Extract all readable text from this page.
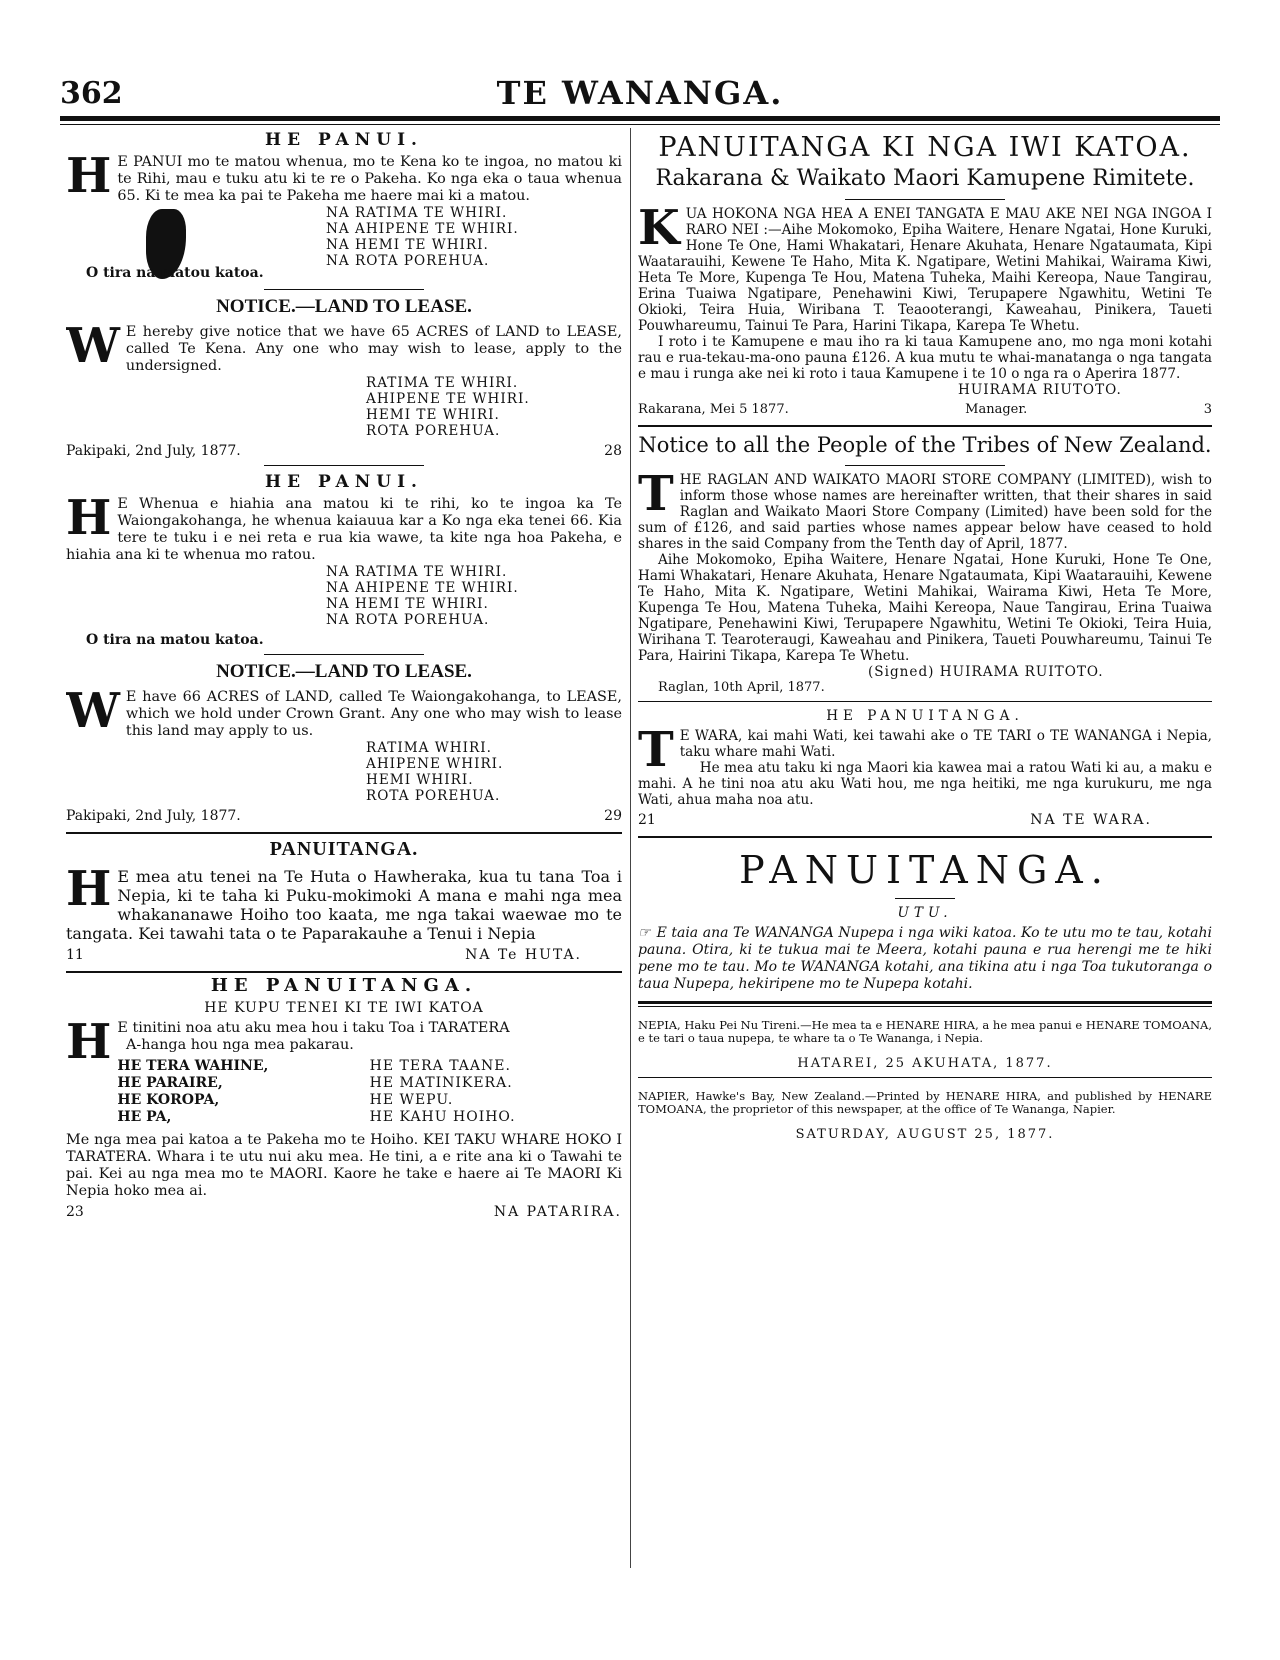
362	TE WANANGA.
HE PANUI.

H E PANUI mo te matou whenua, mo te Kena ko te ingoa, no matou ki te Rihi, mau e tuku atu ki te re o Pakeha. Ko nga eka o taua whenua 65. Ki te mea ka pai te Pakeha me haere mai ki a matou.

NA RATIMA TE WHIRI.
NA AHIPENE TE WHIRI.
NA HEMI TE WHIRI.
NA ROTA POREHUA.
O tira na matou katoa.
NOTICE.—LAND TO LEASE.

W E hereby give notice that we have 65 ACRES of LAND to LEASE, called Te Kena. Any one who may wish to lease, apply to the undersigned.

RATIMA TE WHIRI.
AHIPENE TE WHIRI.
HEMI TE WHIRI.
ROTA POREHUA.
Pakipaki, 2nd July, 1877.	28
HE PANUI.

H E Whenua e hiahia ana matou ki te rihi, ko te ingoa ka Te Waiongakohanga, he whenua kaiauua kar a Ko nga eka tenei 66. Kia tere te tuku i e nei reta e rua kia wawe, ta kite nga hoa Pakeha, e hiahia ana ki te whenua mo ratou.

NA RATIMA TE WHIRI.
NA AHIPENE TE WHIRI.
NA HEMI TE WHIRI.
NA ROTA POREHUA.
O tira na matou katoa.
NOTICE.—LAND TO LEASE.

W E have 66 ACRES of LAND, called Te Waiongakohanga, to LEASE, which we hold under Crown Grant. Any one who may wish to lease this land may apply to us.

RATIMA WHIRI.
AHIPENE WHIRI.
HEMI WHIRI.
ROTA POREHUA.
Pakipaki, 2nd July, 1877.	29
PANUITANGA.

H E mea atu tenei na Te Huta o Hawheraka, kua tu tana Toa i Nepia, ki te taha ki Puku-mokimoki A mana e mahi nga mea whakananawe Hoiho too kaata, me nga takai waewae mo te tangata. Kei tawahi tata o te Paparakauhe a Tenui i Nepia

11	NA Te HUTA.
HE PANUITANGA.
HE KUPU TENEI KI TE IWI KATOA

H E tinitini noa atu aku mea hou i taku Toa i TARATERA

A-hanga hou nga mea pakarau.

HE TERA WAHINE,	HE TERA TAANE.
HE PARAIRE,	HE MATINIKERA.
HE KOROPA,	HE WEPU.
HE PA,	HE KAHU HOIHO.

Me nga mea pai katoa a te Pakeha mo te Hoiho. KEI TAKU WHARE HOKO I TARATERA. Whara i te utu nui aku mea. He tini, a e rite ana ki o Tawahi te pai. Kei au nga mea mo te MAORI. Kaore he take e haere ai Te MAORI Ki Nepia hoko mea ai.

23	NA PATARIRA.
PANUITANGA KI NGA IWI KATOA.
Rakarana & Waikato Maori Kamupene Rimitete.

KUA HOKONA NGA HEA A ENEI TANGATA E MAU AKE NEI NGA INGOA I RARO NEI :—Aihe Mokomoko, Epiha Waitere, Henare Ngatai, Hone Kuruki, Hone Te One, Hami Whakatari, Henare Akuhata, Henare Ngataumata, Kipi Waatarauihi, Kewene Te Haho, Mita K. Ngatipare, Wetini Mahikai, Wairama Kiwi, Heta Te More, Kupenga Te Hou, Matena Tuheka, Maihi Kereopa, Naue Tangirau, Erina Tuaiwa Ngatipare, Penehawini Kiwi, Terupapere Ngawhitu, Wetini Te Okioki, Teira Huia, Wiribana T. Teaooterangi, Kaweahau, Pinikera, Taueti Pouwhareumu, Tainui Te Para, Harini Tikapa, Karepa Te Whetu.

I roto i te Kamupene e mau iho ra ki taua Kamupene ano, mo nga moni kotahi rau e rua-tekau-ma-ono pauna £126. A kua mutu te whai-manatanga o nga tangata e mau i runga ake nei ki roto i taua Kamupene i te 10 o nga ra o Aperira 1877.

HUIRAMA RIUTOTO.
Rakarana, Mei 5 1877.	Manager.	3
Notice to all the People of the Tribes of New Zealand.

THE RAGLAN AND WAIKATO MAORI STORE COMPANY (LIMITED), wish to inform those whose names are hereinafter written, that their shares in said Raglan and Waikato Maori Store Company (Limited) have been sold for the sum of £126, and said parties whose names appear below have ceased to hold shares in the said Company from the Tenth day of April, 1877.

Aihe Mokomoko, Epiha Waitere, Henare Ngatai, Hone Kuruki, Hone Te One, Hami Whakatari, Henare Akuhata, Henare Ngataumata, Kipi Waatarauihi, Kewene Te Haho, Mita K. Ngatipare, Wetini Mahikai, Wairama Kiwi, Heta Te More, Kupenga Te Hou, Matena Tuheka, Maihi Kereopa, Naue Tangirau, Erina Tuaiwa Ngatipare, Penehawini Kiwi, Terupapere Ngawhitu, Wetini Te Okioki, Teira Huia, Wirihana T. Tearoteraugi, Kaweahau and Pinikera, Taueti Pouwhareumu, Tainui Te Para, Hairini Tikapa, Karepa Te Whetu.

(Signed) HUIRAMA RUITOTO.
Raglan, 10th April, 1877.
HE PANUITANGA.

T E WARA, kai mahi Wati, kei tawahi ake o TE TARI o TE WANANGA i Nepia, taku whare mahi Wati.

He mea atu taku ki nga Maori kia kawea mai a ratou Wati ki au, a maku e mahi. A he tini noa atu aku Wati hou, me nga heitiki, me nga kurukuru, me nga Wati, ahua maha noa atu.

21	NA TE WARA.
PANUITANGA.
UTU.

☞ E taia ana Te WANANGA Nupepa i nga wiki katoa. Ko te utu mo te tau, kotahi pauna. Otira, ki te tukua mai te Meera, kotahi pauna e rua herengi me te hiki pene mo te tau. Mo te WANANGA kotahi, ana tikina atu i nga Toa tukutoranga o taua Nupepa, hekiripene mo te Nupepa kotahi.

NEPIA, Haku Pei Nu Tireni.—He mea ta e HENARE HIRA, a he mea panui e HENARE TOMOANA, e te tari o taua nupepa, te whare ta o Te Wananga, i Nepia.

HATAREI, 25 AKUHATA, 1877.

NAPIER, Hawke's Bay, New Zealand.—Printed by HENARE HIRA, and published by HENARE TOMOANA, the proprietor of this newspaper, at the office of Te Wananga, Napier.

SATURDAY, AUGUST 25, 1877.
